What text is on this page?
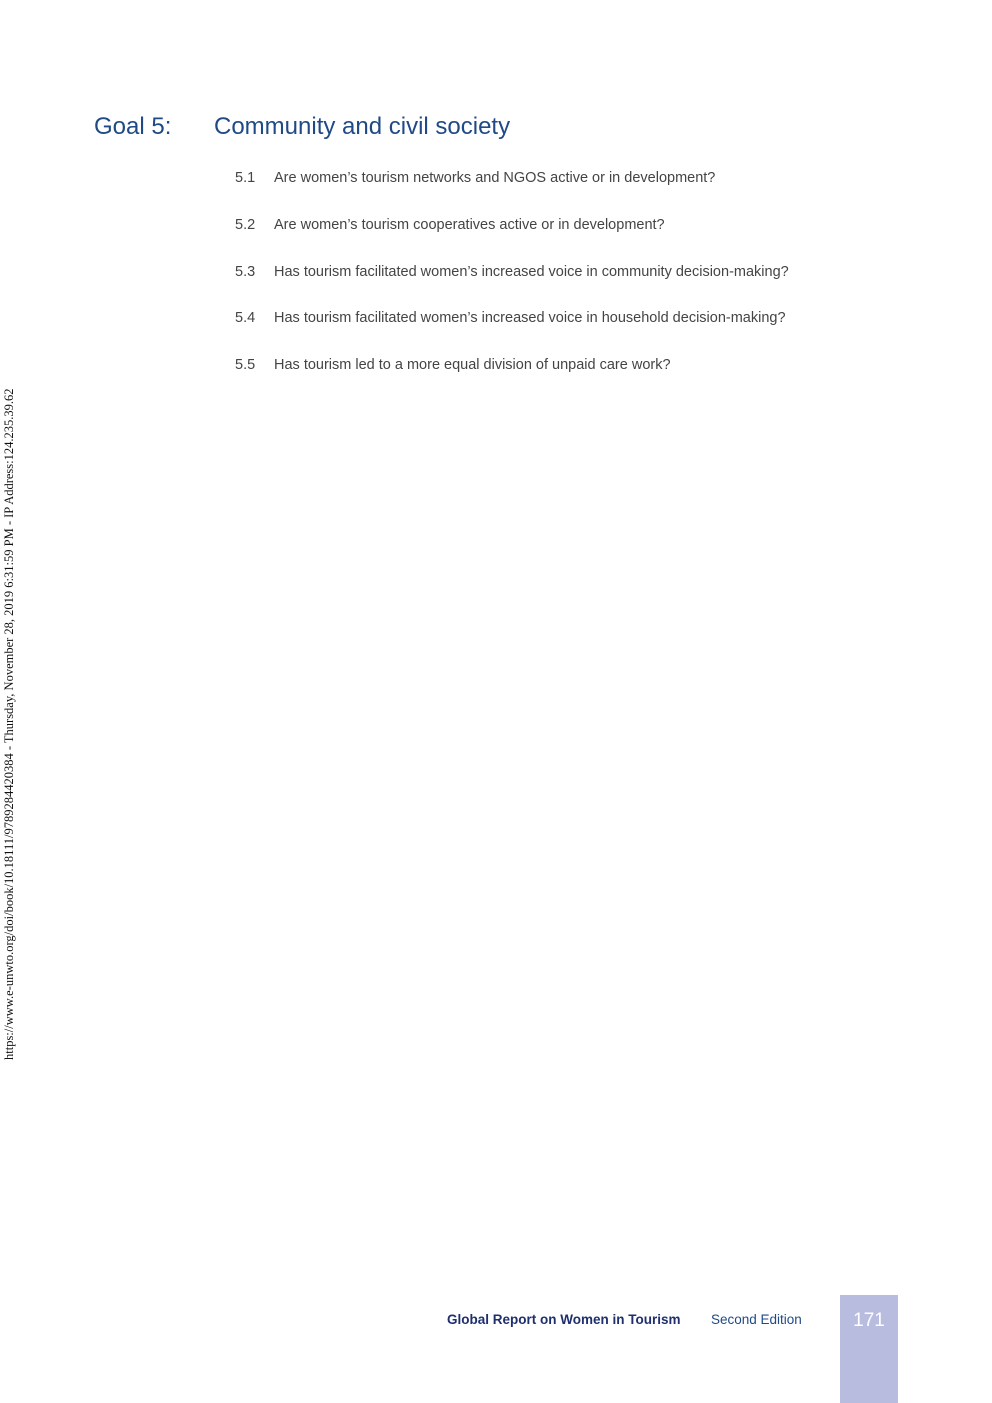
https://www.e-unwto.org/doi/book/10.18111/9789284420384 - Thursday, November 28, 2019 6:31:59 PM - IP Address:124.235.39.62
Goal 5: Community and civil society
5.1 Are women’s tourism networks and NGOS active or in development?
5.2 Are women’s tourism cooperatives active or in development?
5.3 Has tourism facilitated women’s increased voice in community decision-making?
5.4 Has tourism facilitated women’s increased voice in household decision-making?
5.5 Has tourism led to a more equal division of unpaid care work?
Global Report on Women in Tourism Second Edition	171
